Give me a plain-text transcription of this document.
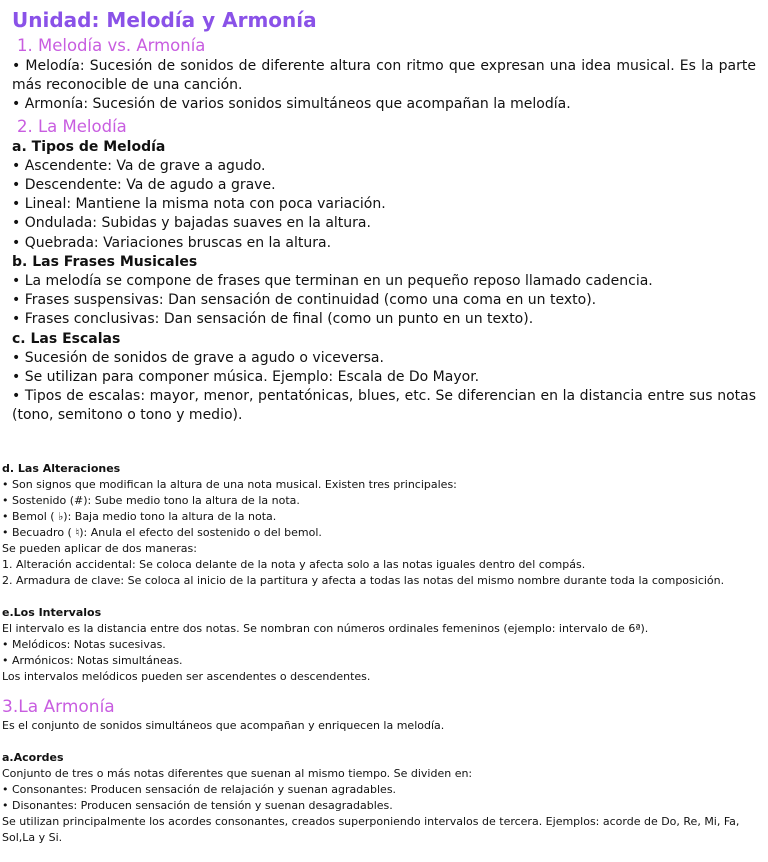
Unidad: Melodía y Armonía
1. Melodía vs. Armonía
• Melodía: Sucesión de sonidos de diferente altura con ritmo que expresan una idea musical. Es la parte más reconocible de una canción.
• Armonía: Sucesión de varios sonidos simultáneos que acompañan la melodía.
2. La Melodía
a. Tipos de Melodía
• Ascendente: Va de grave a agudo.
• Descendente: Va de agudo a grave.
• Lineal: Mantiene la misma nota con poca variación.
• Ondulada: Subidas y bajadas suaves en la altura.
• Quebrada: Variaciones bruscas en la altura.
b. Las Frases Musicales
• La melodía se compone de frases que terminan en un pequeño reposo llamado cadencia.
• Frases suspensivas: Dan sensación de continuidad (como una coma en un texto).
• Frases conclusivas: Dan sensación de final (como un punto en un texto).
c. Las Escalas
• Sucesión de sonidos de grave a agudo o viceversa.
• Se utilizan para componer música. Ejemplo: Escala de Do Mayor.
• Tipos de escalas: mayor, menor, pentatónicas, blues, etc. Se diferencian en la distancia entre sus notas (tono, semitono o tono y medio).
d. Las Alteraciones
• Son signos que modifican la altura de una nota musical. Existen tres principales:
• Sostenido (#): Sube medio tono la altura de la nota.
• Bemol ( ♭): Baja medio tono la altura de la nota.
• Becuadro ( ♮): Anula el efecto del sostenido o del bemol.
Se pueden aplicar de dos maneras:
1. Alteración accidental: Se coloca delante de la nota y afecta solo a las notas iguales dentro del compás.
2. Armadura de clave: Se coloca al inicio de la partitura y afecta a todas las notas del mismo nombre durante toda la composición.
e.Los Intervalos
El intervalo es la distancia entre dos notas. Se nombran con números ordinales femeninos (ejemplo: intervalo de 6ª).
• Melódicos: Notas sucesivas.
• Armónicos: Notas simultáneas.
Los intervalos melódicos pueden ser ascendentes o descendentes.
3.La Armonía
Es el conjunto de sonidos simultáneos que acompañan y enriquecen la melodía.
a.Acordes
Conjunto de tres o más notas diferentes que suenan al mismo tiempo. Se dividen en:
• Consonantes: Producen sensación de relajación y suenan agradables.
• Disonantes: Producen sensación de tensión y suenan desagradables.
Se utilizan principalmente los acordes consonantes, creados superponiendo intervalos de tercera. Ejemplos: acorde de Do, Re, Mi, Fa, Sol,La y Si.
